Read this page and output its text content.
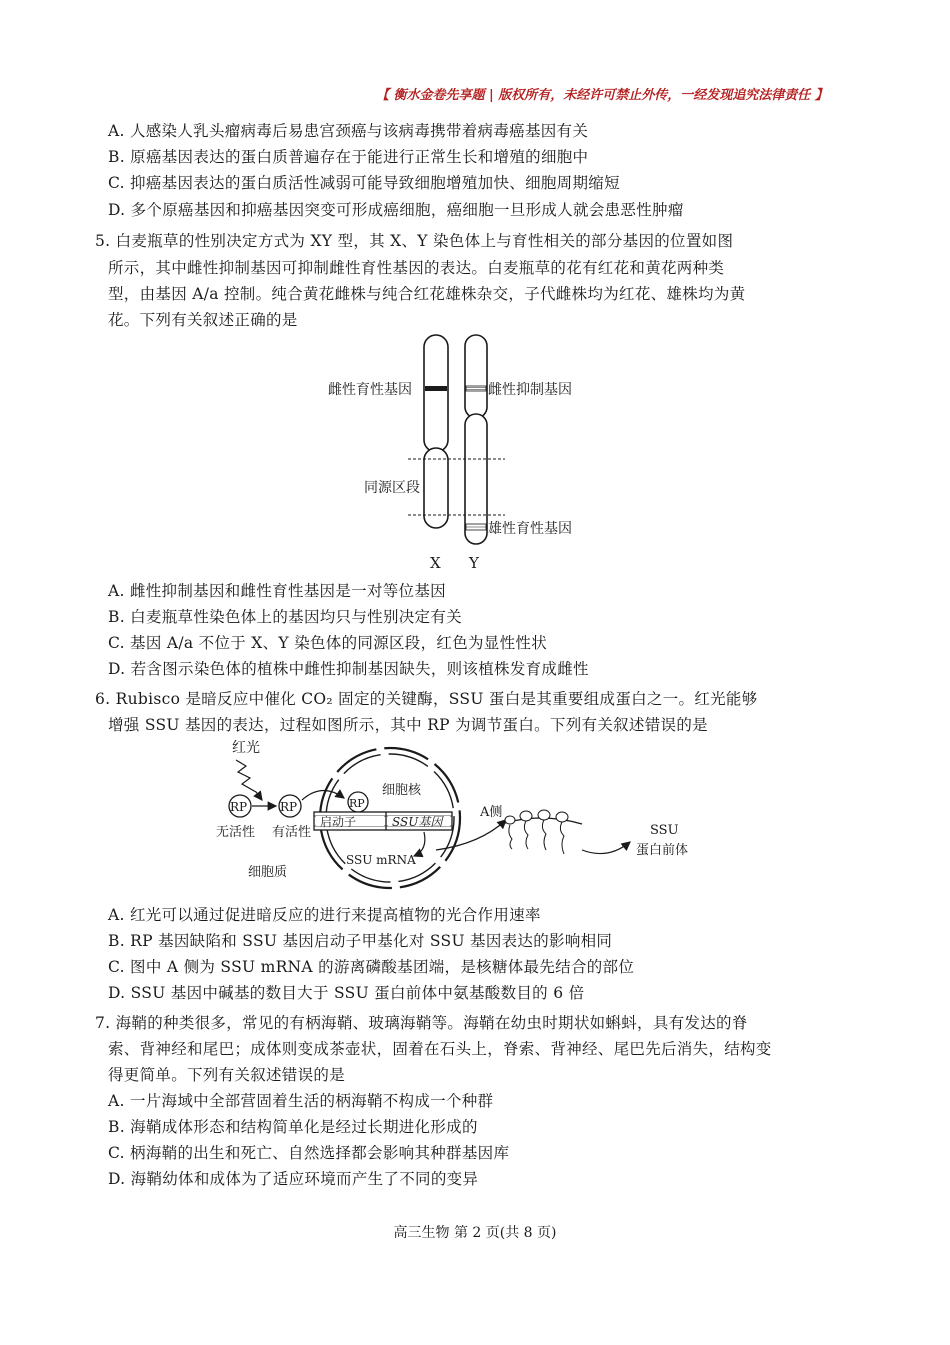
【 衡水金卷先享题 | 版权所有，未经许可禁止外传，一经发现追究法律责任 】
A. 人感染人乳头瘤病毒后易患宫颈癌与该病毒携带着病毒癌基因有关
B. 原癌基因表达的蛋白质普遍存在于能进行正常生长和增殖的细胞中
C. 抑癌基因表达的蛋白质活性减弱可能导致细胞增殖加快、细胞周期缩短
D. 多个原癌基因和抑癌基因突变可形成癌细胞，癌细胞一旦形成人就会患恶性肿瘤
5. 白麦瓶草的性别决定方式为 XY 型，其 X、Y 染色体上与育性相关的部分基因的位置如图
所示，其中雌性抑制基因可抑制雌性育性基因的表达。白麦瓶草的花有红花和黄花两种类
型，由基因 A/a 控制。纯合黄花雌株与纯合红花雄株杂交，子代雌株均为红花、雄株均为黄
花。下列有关叙述正确的是
雌性育性基因	雌性抑制基因
同源区段
雄性育性基因
X Y
A. 雌性抑制基因和雌性育性基因是一对等位基因
B. 白麦瓶草性染色体上的基因均只与性别决定有关
C. 基因 A/a 不位于 X、Y 染色体的同源区段，红色为显性性状
D. 若含图示染色体的植株中雌性抑制基因缺失，则该植株发育成雌性
6. Rubisco 是暗反应中催化 CO₂ 固定的关键酶，SSU 蛋白是其重要组成蛋白之一。红光能够
增强 SSU 基因的表达，过程如图所示，其中 RP 为调节蛋白。下列有关叙述错误的是
红光
RP	RP
无活性 有活性
细胞核
RP
启动子	SSU基因
SSU mRNA
细胞质
A侧
SSU
蛋白前体
A. 红光可以通过促进暗反应的进行来提高植物的光合作用速率
B. RP 基因缺陷和 SSU 基因启动子甲基化对 SSU 基因表达的影响相同
C. 图中 A 侧为 SSU mRNA 的游离磷酸基团端，是核糖体最先结合的部位
D. SSU 基因中碱基的数目大于 SSU 蛋白前体中氨基酸数目的 6 倍
7. 海鞘的种类很多，常见的有柄海鞘、玻璃海鞘等。海鞘在幼虫时期状如蝌蚪，具有发达的脊
索、背神经和尾巴；成体则变成茶壶状，固着在石头上，脊索、背神经、尾巴先后消失，结构变
得更简单。下列有关叙述错误的是
A. 一片海域中全部营固着生活的柄海鞘不构成一个种群
B. 海鞘成体形态和结构简单化是经过长期进化形成的
C. 柄海鞘的出生和死亡、自然选择都会影响其种群基因库
D. 海鞘幼体和成体为了适应环境而产生了不同的变异
高三生物 第 2 页(共 8 页)
